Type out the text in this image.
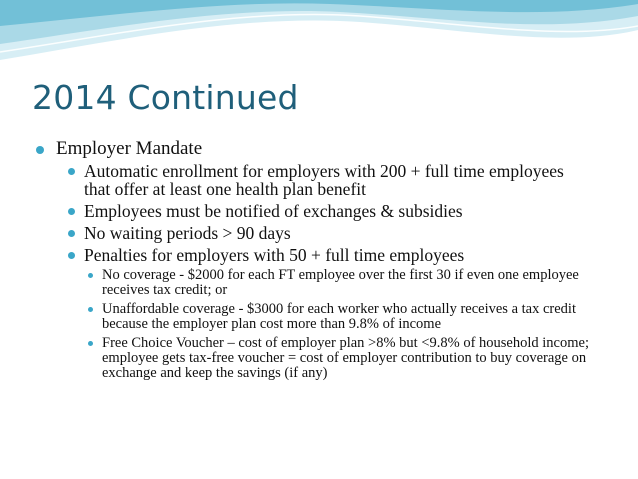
2014 Continued
Employer Mandate
Automatic enrollment for employers with 200 + full time employees that offer at least one health plan benefit
Employees must be notified of exchanges & subsidies
No waiting periods > 90 days
Penalties for employers with 50 + full time employees
No coverage - $2000 for each FT employee over the first 30 if even one employee receives tax credit; or
Unaffordable coverage - $3000 for each worker who actually receives a tax credit because the employer plan cost more than 9.8% of income
Free Choice Voucher – cost of employer plan >8% but <9.8% of household income; employee gets tax-free voucher = cost of employer contribution to buy coverage on exchange and keep the savings (if any)
